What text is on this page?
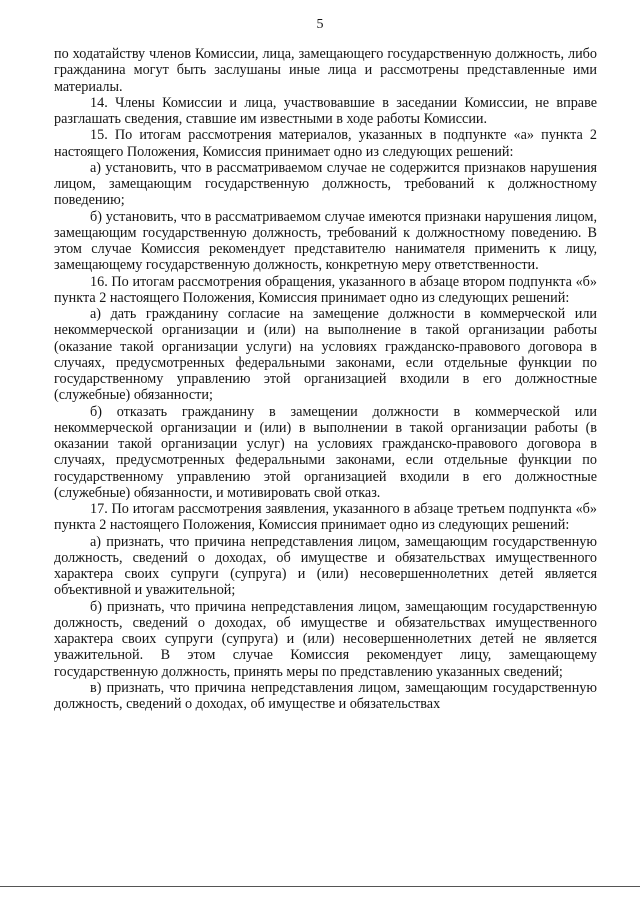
5

по ходатайству членов Комиссии, лица, замещающего государственную должность, либо гражданина могут быть заслушаны иные лица и рассмотрены представленные ими материалы.

14. Члены Комиссии и лица, участвовавшие в заседании Комиссии, не вправе разглашать сведения, ставшие им известными в ходе работы Комиссии.

15. По итогам рассмотрения материалов, указанных в подпункте «а» пункта 2 настоящего Положения, Комиссия принимает одно из следующих решений:

а) установить, что в рассматриваемом случае не содержится признаков нарушения лицом, замещающим государственную должность, требований к должностному поведению;

б) установить, что в рассматриваемом случае имеются признаки нарушения лицом, замещающим государственную должность, требований к должностному поведению. В этом случае Комиссия рекомендует представителю нанимателя применить к лицу, замещающему государственную должность, конкретную меру ответственности.

16. По итогам рассмотрения обращения, указанного в абзаце втором подпункта «б» пункта 2 настоящего Положения, Комиссия принимает одно из следующих решений:

а) дать гражданину согласие на замещение должности в коммерческой или некоммерческой организации и (или) на выполнение в такой организации работы (оказание такой организации услуги) на условиях гражданско-правового договора в случаях, предусмотренных федеральными законами, если отдельные функции по государственному управлению этой организацией входили в его должностные (служебные) обязанности;

б) отказать гражданину в замещении должности в коммерческой или некоммерческой организации и (или) в выполнении в такой организации работы (в оказании такой организации услуг) на условиях гражданско-правового договора в случаях, предусмотренных федеральными законами, если отдельные функции по государственному управлению этой организацией входили в его должностные (служебные) обязанности, и мотивировать свой отказ.

17. По итогам рассмотрения заявления, указанного в абзаце третьем подпункта «б» пункта 2 настоящего Положения, Комиссия принимает одно из следующих решений:

а) признать, что причина непредставления лицом, замещающим государственную должность, сведений о доходах, об имуществе и обязательствах имущественного характера своих супруги (супруга) и (или) несовершеннолетних детей является объективной и уважительной;

б) признать, что причина непредставления лицом, замещающим государственную должность, сведений о доходах, об имуществе и обязательствах имущественного характера своих супруги (супруга) и (или) несовершеннолетних детей не является уважительной. В этом случае Комиссия рекомендует лицу, замещающему государственную должность, принять меры по представлению указанных сведений;

в) признать, что причина непредставления лицом, замещающим государственную должность, сведений о доходах, об имуществе и обязательствах
